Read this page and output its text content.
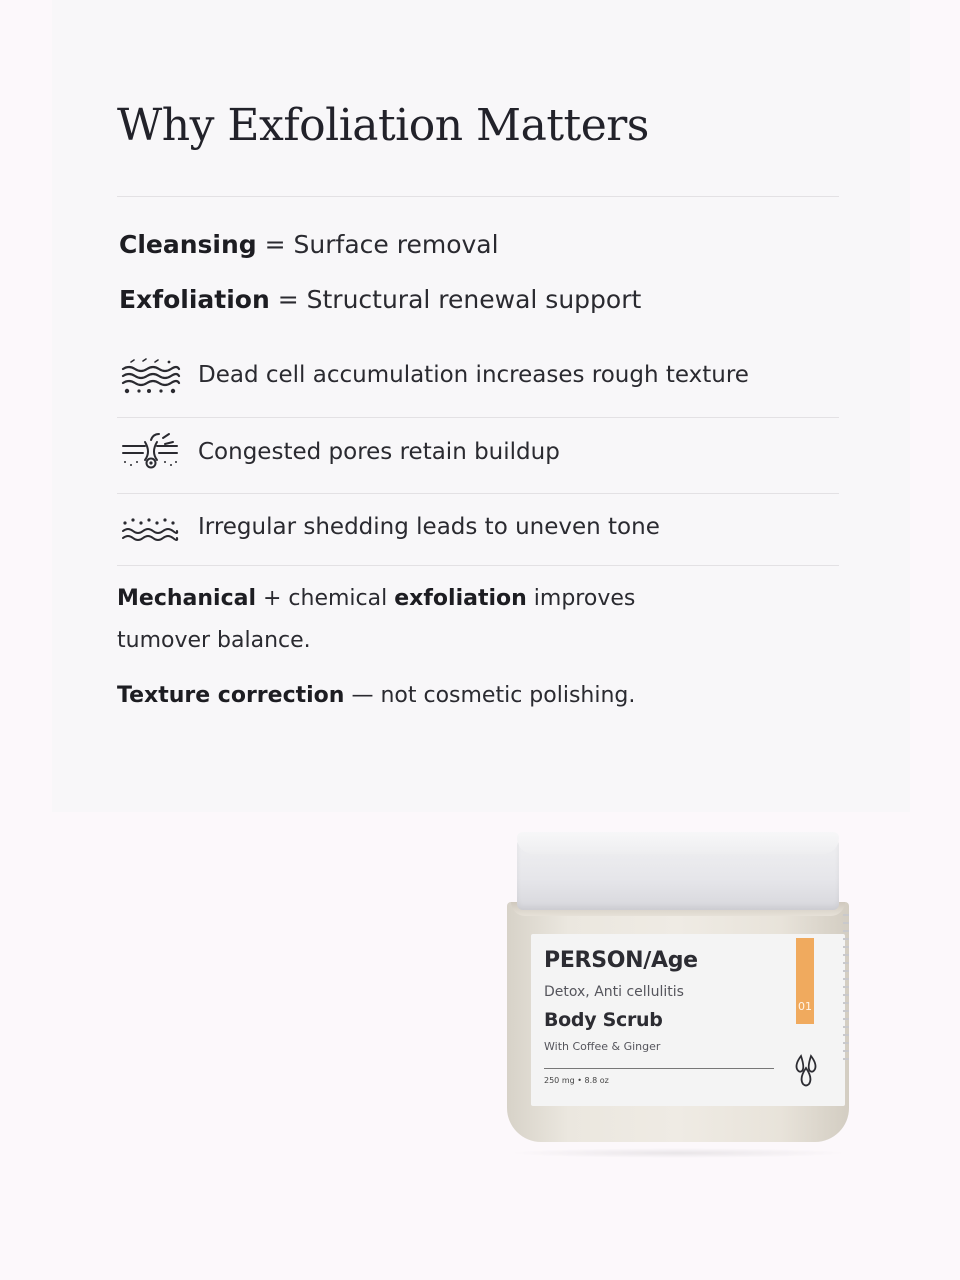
Why Exfoliation Matters
Cleansing = Surface removal
Exfoliation = Structural renewal support
Dead cell accumulation increases rough texture
Congested pores retain buildup
Irregular shedding leads to uneven tone
Mechanical + chemical exfoliation improves
tumover balance.
Texture correction — not cosmetic polishing.
PERSON∕Age
Detox, Anti cellulitis
Body Scrub
With Coffee & Ginger
250 mg • 8.8 oz
01
